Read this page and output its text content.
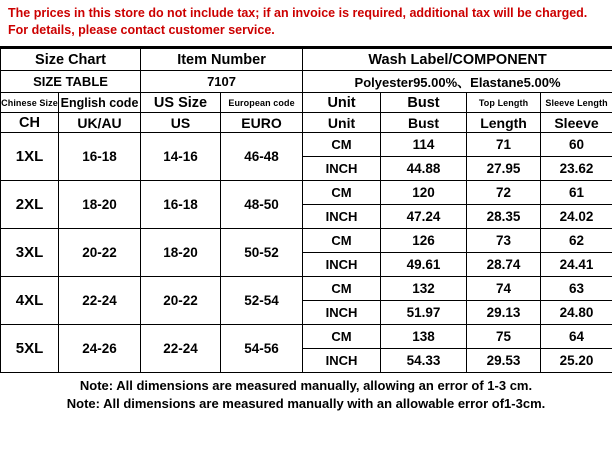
The prices in this store do not include tax; if an invoice is required, additional tax will be charged. For details, please contact customer service.
Size Chart		Item Number		Wash Label/COMPONENT			
SIZE TABLE		7107		Polyester95.00%、Elastane5.00%			
Chinese Size	English code	US Size	European code	Unit	Bust	Top Length	Sleeve Length
CH	UK/AU	US	EURO	Unit	Bust	Length	Sleeve
1XL	16-18	14-16	46-48	CM	114	71	60
				INCH	44.88	27.95	23.62
2XL	18-20	16-18	48-50	CM	120	72	61
				INCH	47.24	28.35	24.02
3XL	20-22	18-20	50-52	CM	126	73	62
				INCH	49.61	28.74	24.41
4XL	22-24	20-22	52-54	CM	132	74	63
				INCH	51.97	29.13	24.80
5XL	24-26	22-24	54-56	CM	138	75	64
				INCH	54.33	29.53	25.20
Note: All dimensions are measured manually, allowing an error of 1-3 cm.
Note: All dimensions are measured manually with an allowable error of1-3cm.
